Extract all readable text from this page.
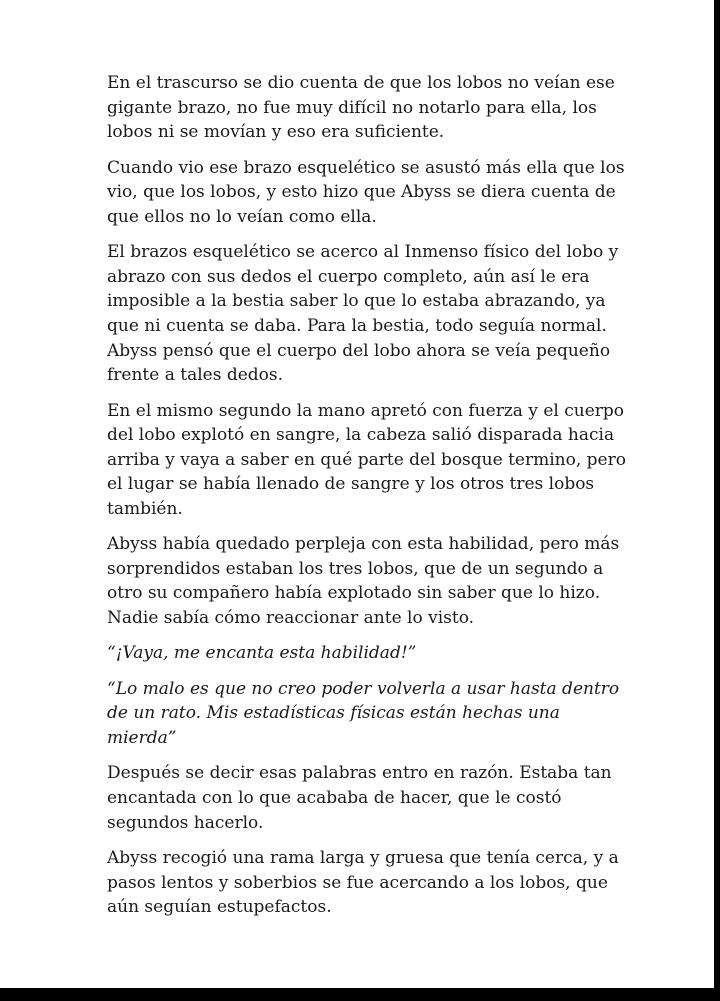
En el trascurso se dio cuenta de que los lobos no veían ese gigante brazo, no fue muy difícil no notarlo para ella, los lobos ni se movían y eso era suficiente.

Cuando vio ese brazo esquelético se asustó más ella que los vio, que los lobos, y esto hizo que Abyss se diera cuenta de que ellos no lo veían como ella.

El brazos esquelético se acerco al Inmenso físico del lobo y abrazo con sus dedos el cuerpo completo, aún así le era imposible a la bestia saber lo que lo estaba abrazando, ya que ni cuenta se daba. Para la bestia, todo seguía normal. Abyss pensó que el cuerpo del lobo ahora se veía pequeño frente a tales dedos.

En el mismo segundo la mano apretó con fuerza y el cuerpo del lobo explotó en sangre, la cabeza salió disparada hacia arriba y vaya a saber en qué parte del bosque termino, pero el lugar se había llenado de sangre y los otros tres lobos también.

Abyss había quedado perpleja con esta habilidad, pero más sorprendidos estaban los tres lobos, que de un segundo a otro su compañero había explotado sin saber que lo hizo. Nadie sabía cómo reaccionar ante lo visto.

“¡Vaya, me encanta esta habilidad!”

“Lo malo es que no creo poder volverla a usar hasta dentro de un rato. Mis estadísticas físicas están hechas una mierda”

Después se decir esas palabras entro en razón. Estaba tan encantada con lo que acababa de hacer, que le costó segundos hacerlo.

Abyss recogió una rama larga y gruesa que tenía cerca, y a pasos lentos y soberbios se fue acercando a los lobos, que aún seguían estupefactos.
